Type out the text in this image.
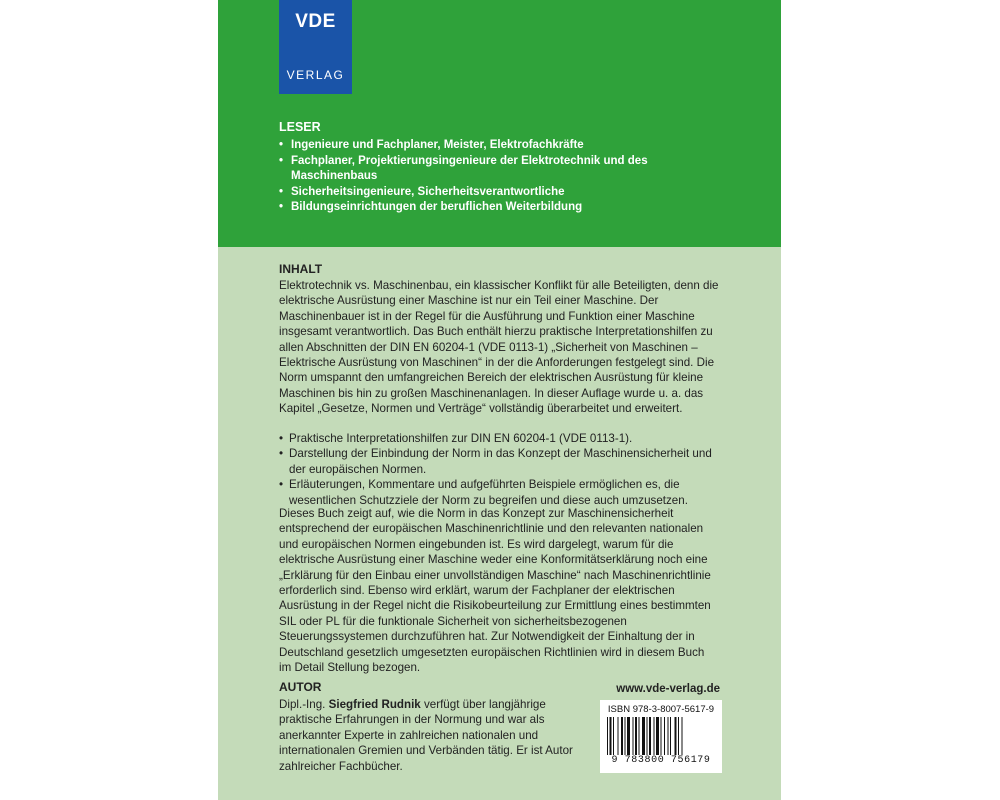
VDE
VERLAG
LESER
• Ingenieure und Fachplaner, Meister, Elektrofachkräfte
• Fachplaner, Projektierungsingenieure der Elektrotechnik und des Maschinenbaus
• Sicherheitsingenieure, Sicherheitsverantwortliche
• Bildungseinrichtungen der beruflichen Weiterbildung
INHALT

Elektrotechnik vs. Maschinenbau, ein klassischer Konflikt für alle Beteiligten, denn die elektrische Ausrüstung einer Maschine ist nur ein Teil einer Maschine. Der Maschinenbauer ist in der Regel für die Ausführung und Funktion einer Maschine insgesamt verantwortlich. Das Buch enthält hierzu praktische Interpretationshilfen zu allen Abschnitten der DIN EN 60204-1 (VDE 0113-1) „Sicherheit von Maschinen – Elektrische Ausrüstung von Maschinen“ in der die Anforderungen festgelegt sind. Die Norm umspannt den umfangreichen Bereich der elektrischen Ausrüstung für kleine Maschinen bis hin zu großen Maschinenanlagen. In dieser Auflage wurde u. a. das Kapitel „Gesetze, Normen und Verträge“ vollständig überarbeitet und erweitert.

• Praktische Interpretationshilfen zur DIN EN 60204-1 (VDE 0113-1).
• Darstellung der Einbindung der Norm in das Konzept der Maschinensicherheit und der europäischen Normen.
• Erläuterungen, Kommentare und aufgeführten Beispiele ermöglichen es, die wesentlichen Schutzziele der Norm zu begreifen und diese auch umzusetzen.

Dieses Buch zeigt auf, wie die Norm in das Konzept zur Maschinensicherheit entsprechend der europäischen Maschinenrichtlinie und den relevanten nationalen und europäischen Normen eingebunden ist. Es wird dargelegt, warum für die elektrische Ausrüstung einer Maschine weder eine Konformitätserklärung noch eine „Erklärung für den Einbau einer unvollständigen Maschine“ nach Maschinenrichtlinie erforderlich sind. Ebenso wird erklärt, warum der Fachplaner der elektrischen Ausrüstung in der Regel nicht die Risikobeurteilung zur Ermittlung eines bestimmten SIL oder PL für die funktionale Sicherheit von sicherheitsbezogenen Steuerungssystemen durchzuführen hat. Zur Notwendigkeit der Einhaltung der in Deutschland gesetzlich umgesetzten europäischen Richtlinien wird in diesem Buch im Detail Stellung bezogen.

AUTOR

Dipl.-Ing. Siegfried Rudnik verfügt über langjährige praktische Erfahrungen in der Normung und war als anerkannter Experte in zahlreichen nationalen und internationalen Gremien und Verbänden tätig. Er ist Autor zahlreicher Fachbücher.

www.vde-verlag.de
ISBN 978-3-8007-5617-9
9 783800 756179
